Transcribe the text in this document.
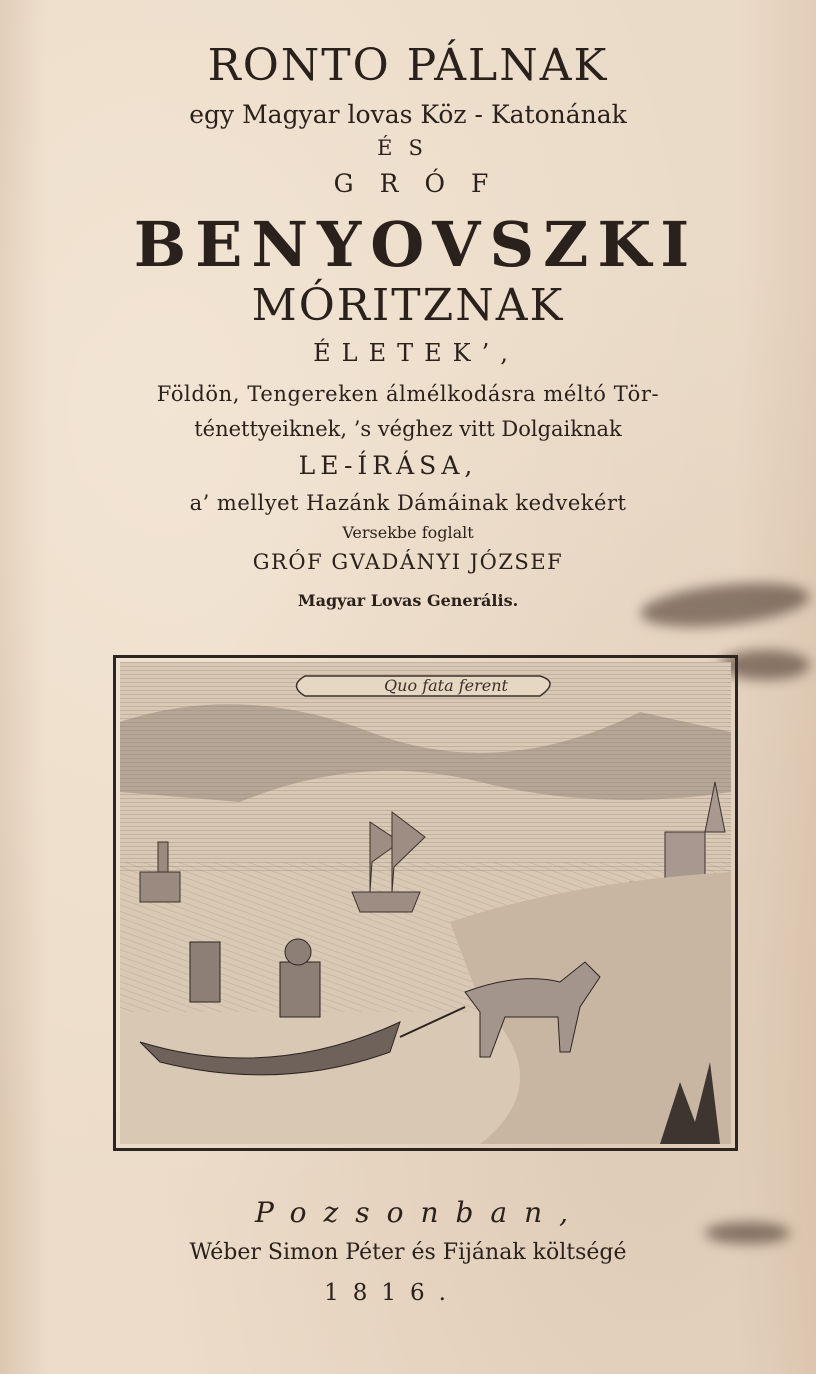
RONTO PÁLNAK
egy Magyar lovas Köz - Katonának
ÉS
GRÓF
BENYOVSZKI
MÓRITZNAK
ÉLETEK’,
Földön, Tengereken álmélkodásra méltó Tör-
ténettyeiknek, ’s véghez vitt Dolgaiknak
LE-ÍRÁSA,
a’ mellyet Hazánk Dámáinak kedvekért
Versekbe foglalt
GRÓF GVADÁNYI JÓZSEF
Magyar Lovas Generális.
Quo fata ferent
Pozsonban,
Wéber Simon Péter és Fijának költségé
1816.
